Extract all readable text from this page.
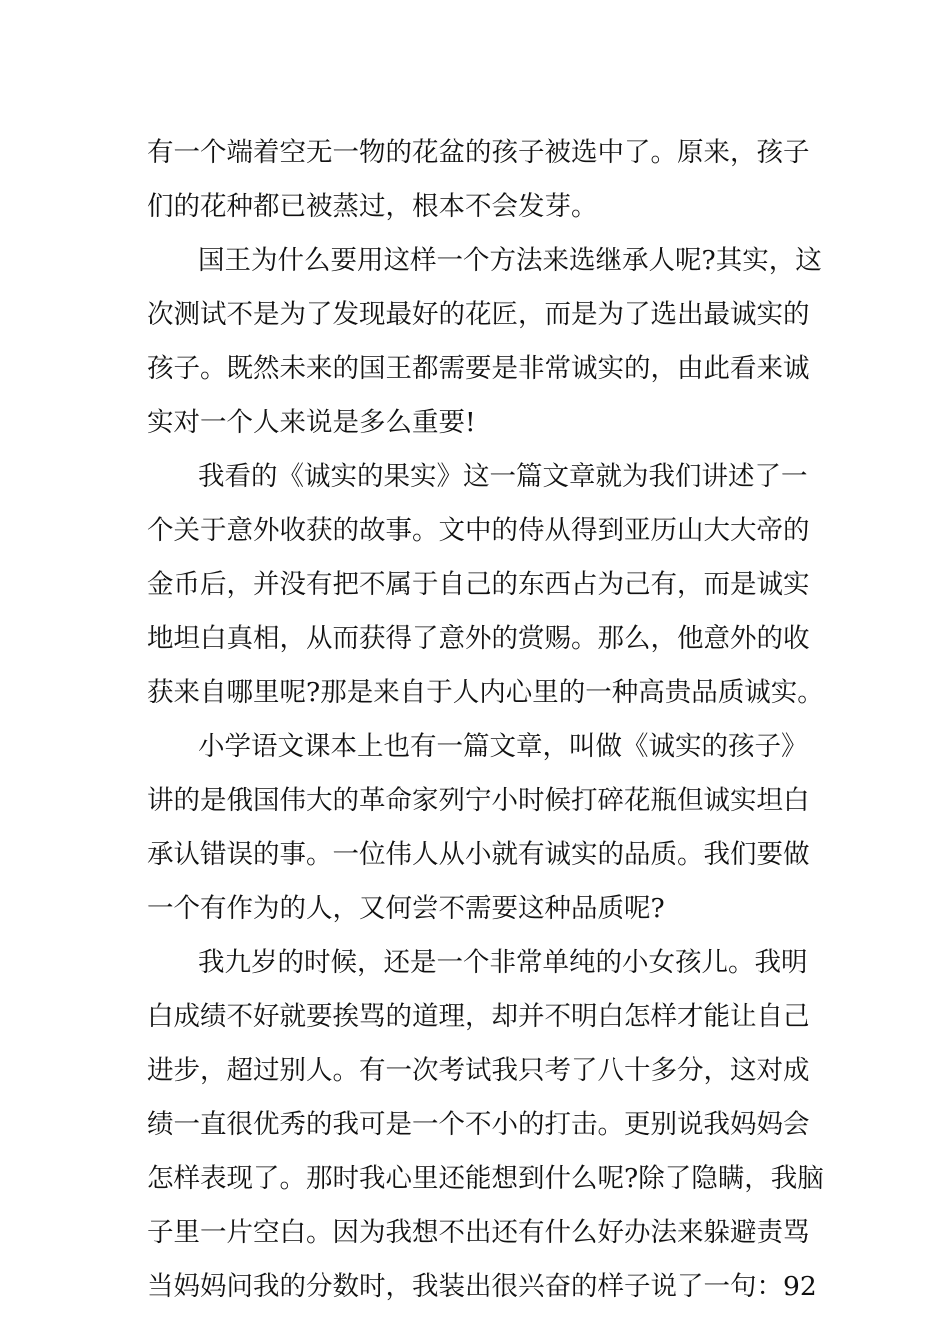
有一个端着空无一物的花盆的孩子被选中了。原来，孩子
们的花种都已被蒸过，根本不会发芽。
国王为什么要用这样一个方法来选继承人呢?其实，这
次测试不是为了发现最好的花匠，而是为了选出最诚实的
孩子。既然未来的国王都需要是非常诚实的，由此看来诚
实对一个人来说是多么重要!
我看的《诚实的果实》这一篇文章就为我们讲述了一
个关于意外收获的故事。文中的侍从得到亚历山大大帝的
金币后，并没有把不属于自己的东西占为己有，而是诚实
地坦白真相，从而获得了意外的赏赐。那么，他意外的收
获来自哪里呢?那是来自于人内心里的一种高贵品质诚实。
小学语文课本上也有一篇文章，叫做《诚实的孩子》
讲的是俄国伟大的革命家列宁小时候打碎花瓶但诚实坦白
承认错误的事。一位伟人从小就有诚实的品质。我们要做
一个有作为的人，又何尝不需要这种品质呢?
我九岁的时候，还是一个非常单纯的小女孩儿。我明
白成绩不好就要挨骂的道理，却并不明白怎样才能让自己
进步，超过别人。有一次考试我只考了八十多分，这对成
绩一直很优秀的我可是一个不小的打击。更别说我妈妈会
怎样表现了。那时我心里还能想到什么呢?除了隐瞒，我脑
子里一片空白。因为我想不出还有什么好办法来躲避责骂
当妈妈问我的分数时，我装出很兴奋的样子说了一句：92
